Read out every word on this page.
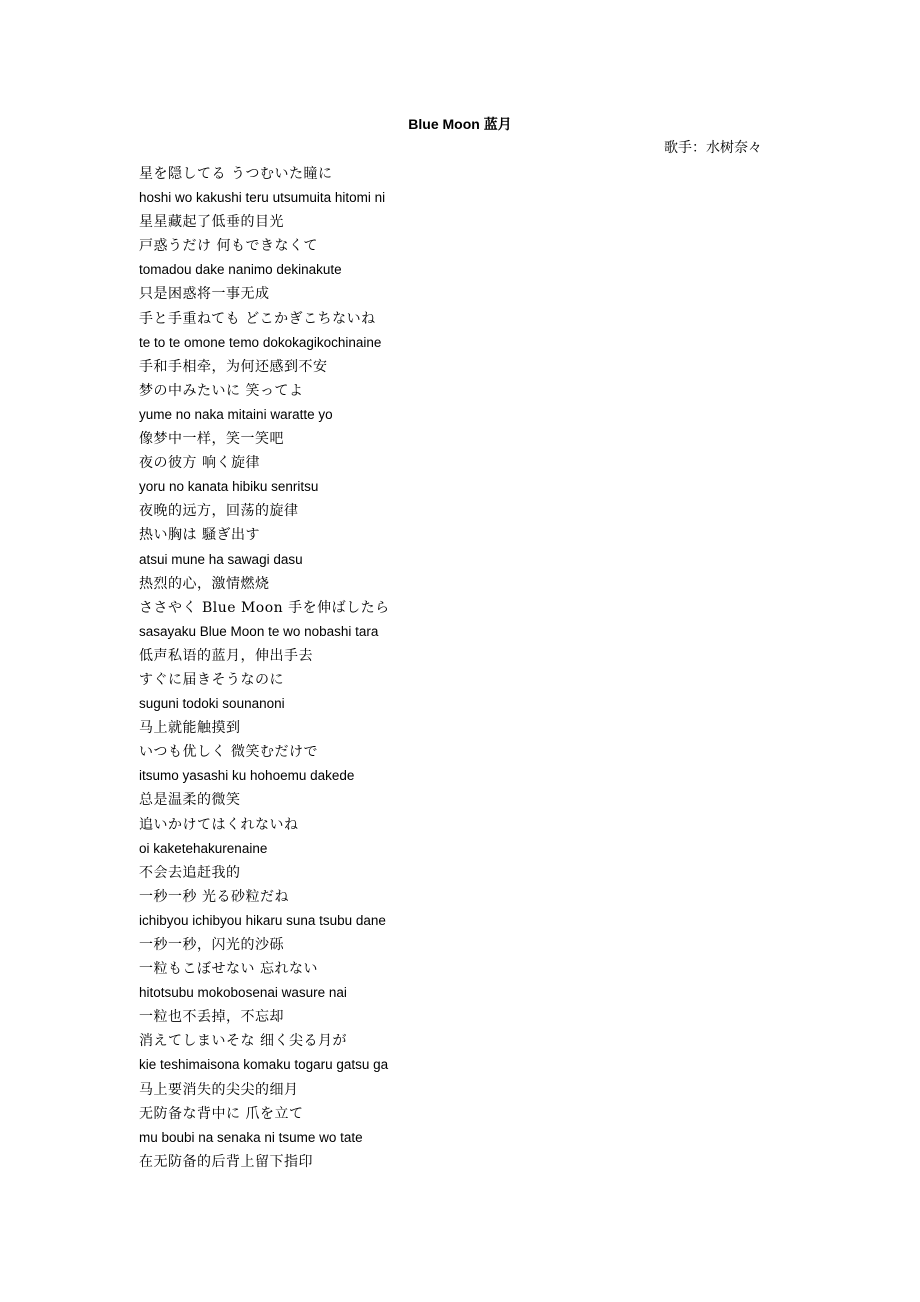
Blue Moon 蓝月
歌手：水树奈々
星を隠してる うつむいた瞳に
hoshi wo kakushi teru utsumuita hitomi ni
星星藏起了低垂的目光
戸惑うだけ 何もできなくて
tomadou dake nanimo dekinakute
只是困惑将一事无成
手と手重ねても どこかぎこちないね
te to te omone temo dokokagikochinaine
手和手相牵，为何还感到不安
梦の中みたいに 笑ってよ
yume no naka mitaini waratte yo
像梦中一样，笑一笑吧
夜の彼方 响く旋律
yoru no kanata hibiku senritsu
夜晚的远方，回荡的旋律
热い胸は 騒ぎ出す
atsui mune ha sawagi dasu
热烈的心，激情燃烧
ささやく Blue Moon 手を伸ばしたら
sasayaku Blue Moon te wo nobashi tara
低声私语的蓝月，伸出手去
すぐに届きそうなのに
suguni todoki sounanoni
马上就能触摸到
いつも优しく 微笑むだけで
itsumo yasashi ku hohoemu dakede
总是温柔的微笑
追いかけてはくれないね
oi kaketehakurenaine
不会去追赶我的
一秒一秒 光る砂粒だね
ichibyou ichibyou hikaru suna tsubu dane
一秒一秒，闪光的沙砾
一粒もこぼせない 忘れない
hitotsubu mokobosenai wasure nai
一粒也不丢掉，不忘却
消えてしまいそな 细く尖る月が
kie teshimaisona komaku togaru gatsu ga
马上要消失的尖尖的细月
无防备な背中に 爪を立て
mu boubi na senaka ni tsume wo tate
在无防备的后背上留下指印
